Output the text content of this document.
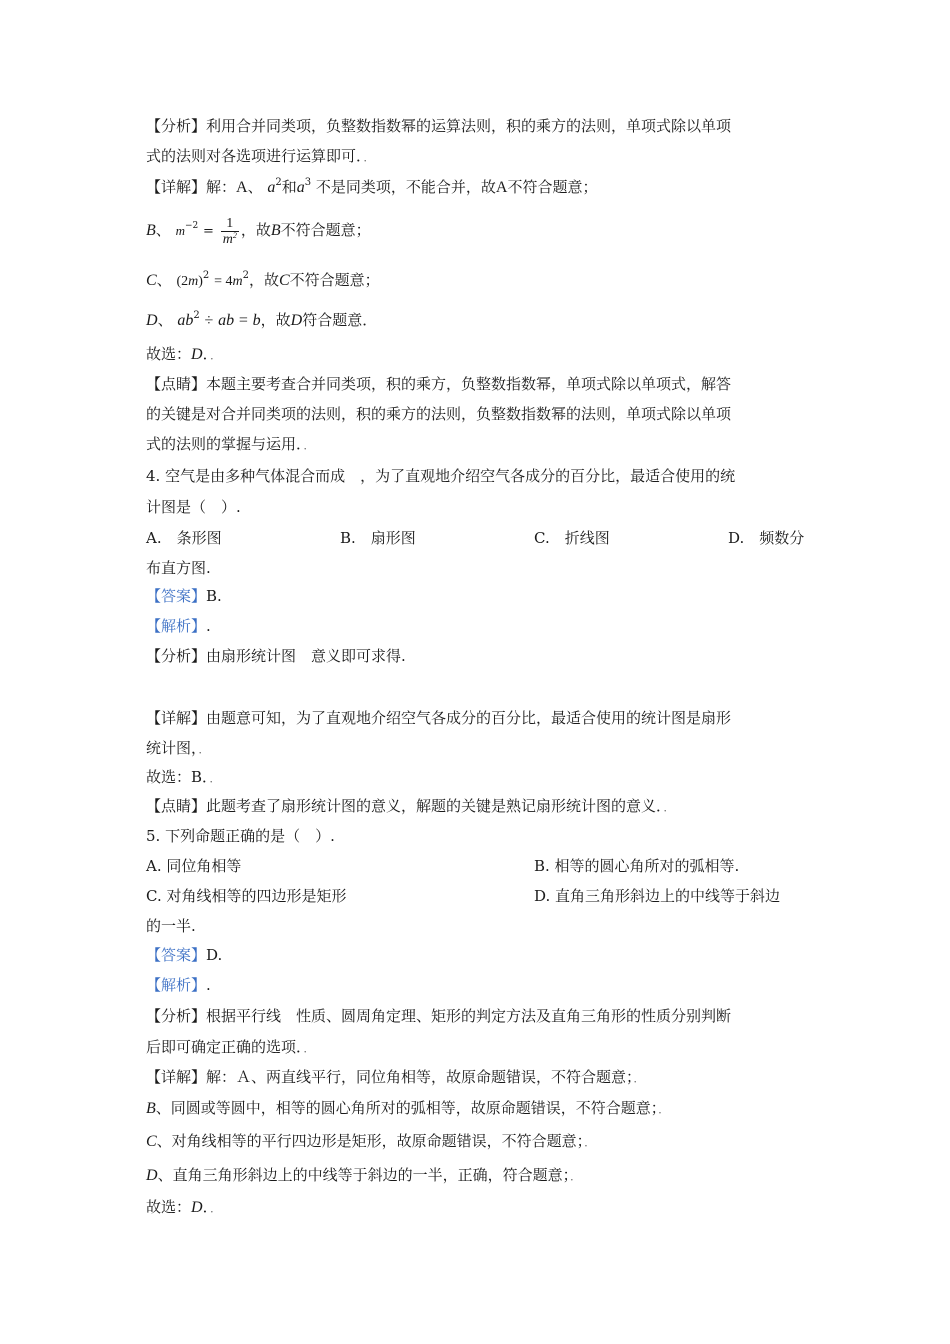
【分析】利用合并同类项，负整数指数幂的运算法则，积的乘方的法则，单项式除以单项
式的法则对各选项进行运算即可．．
【详解】解：A、 $a^2$和$a^3$ 不是同类项，不能合并，故A不符合题意；
B、 $m^{-2} = \frac{1}{m^2}$ ，故B不符合题意；
C、 $(2m)^2 = 4m^2$，故C不符合题意；
D、 $ab^2$ ÷ ab = b，故D符合题意．
故选：D．．
【点睛】本题主要考查合并同类项，积的乘方，负整数指数幂，单项式除以单项式，解答
的关键是对合并同类项的法则，积的乘方的法则，负整数指数幂的法则，单项式除以单项
式的法则的掌握与运用．．
4. 空气是由多种气体混合而成　，为了直观地介绍空气各成分的百分比，最适合使用的统
计图是（　）.
A.　条形图	B.　扇形图	C.　折线图	D.　频数分
布直方图.
【答案】B.
【解析】.
【分析】由扇形统计图　意义即可求得.
【详解】由题意可知，为了直观地介绍空气各成分的百分比，最适合使用的统计图是扇形
统计图，．
故选：B．．
【点睛】此题考查了扇形统计图的意义，解题的关键是熟记扇形统计图的意义．．
5. 下列命题正确的是（　）.
A. 同位角相等	B. 相等的圆心角所对的弧相等.
C. 对角线相等的四边形是矩形	D. 直角三角形斜边上的中线等于斜边
的一半.
【答案】D.
【解析】.
【分析】根据平行线　性质、圆周角定理、矩形的判定方法及直角三角形的性质分别判断
后即可确定正确的选项．．
【详解】解：Ａ、两直线平行，同位角相等，故原命题错误，不符合题意；．
B、同圆或等圆中，相等的圆心角所对的弧相等，故原命题错误，不符合题意；．
C、对角线相等的平行四边形是矩形，故原命题错误，不符合题意；．
D、直角三角形斜边上的中线等于斜边的一半，正确，符合题意；．
故选：D．．
